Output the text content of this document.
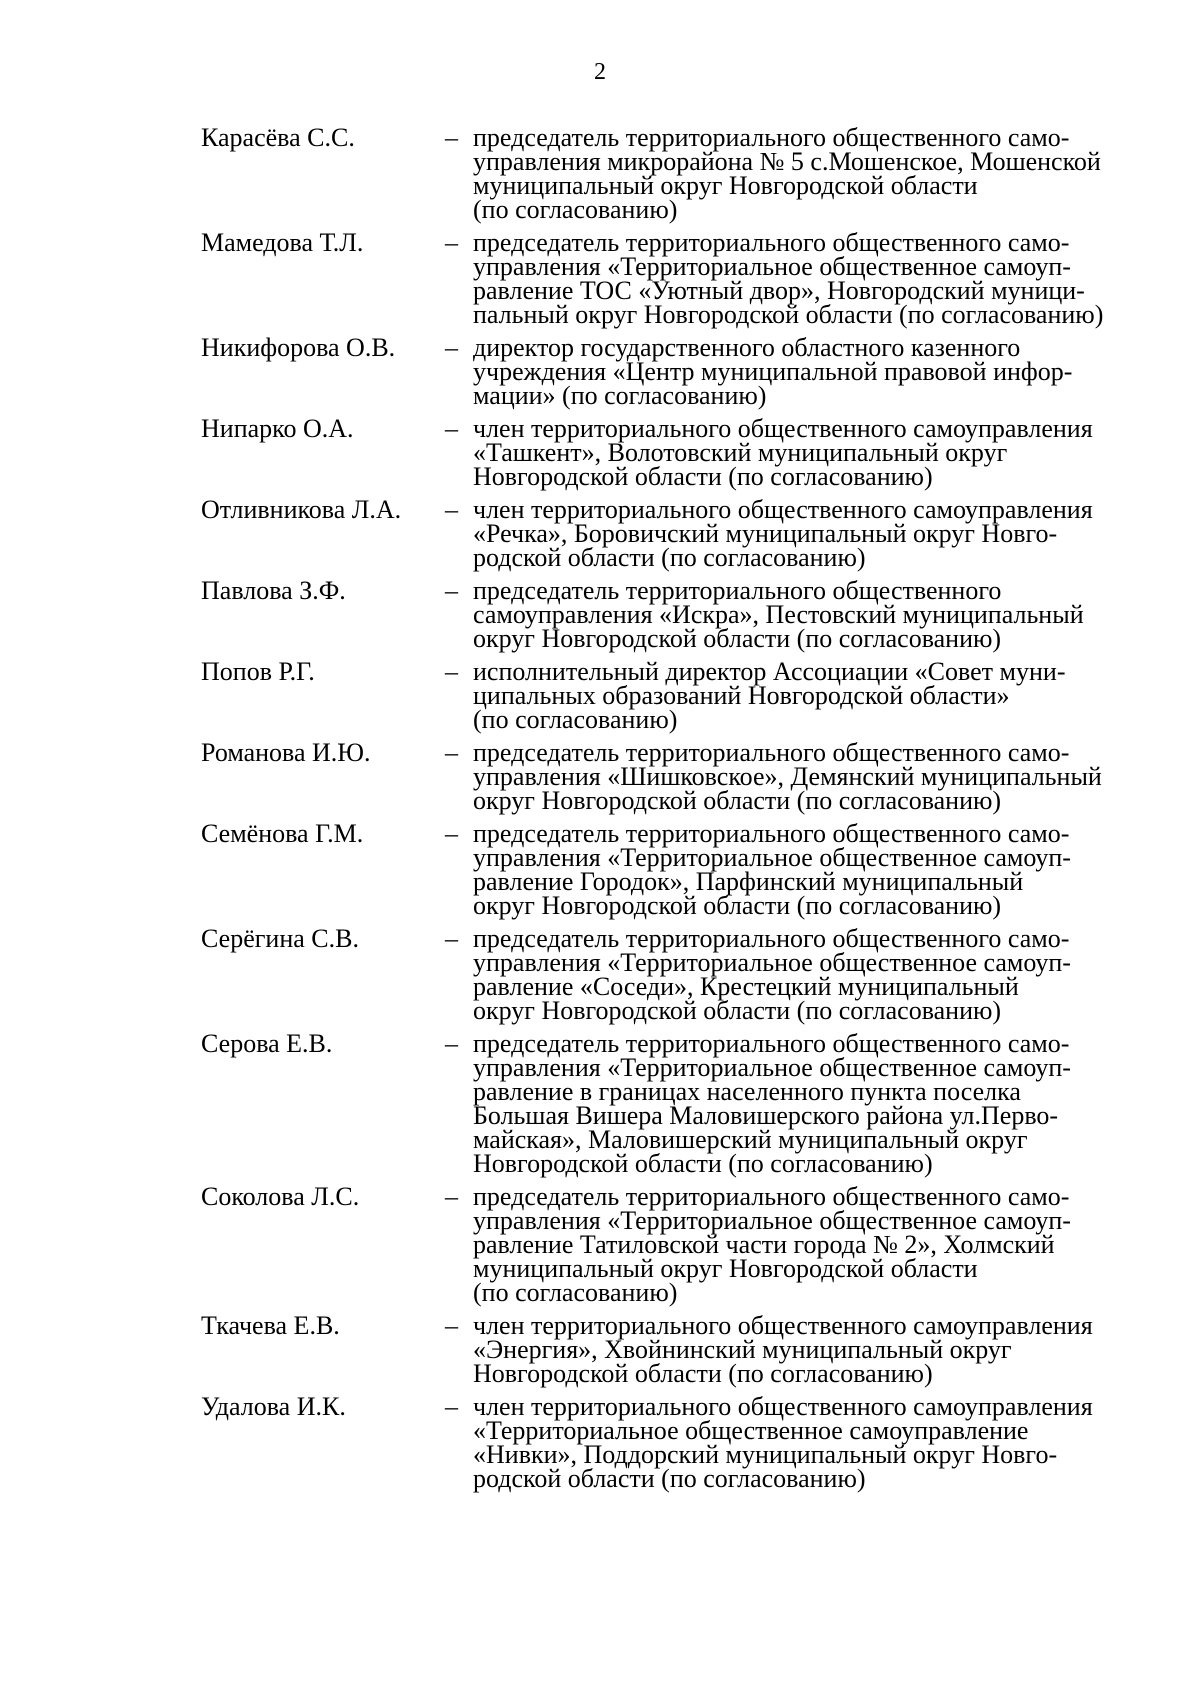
2
Карасёва С.С.	– председатель территориального общественного само-
управления микрорайона № 5 с.Мошенское, Мошенской
муниципальный округ Новгородской области
(по согласованию)
Мамедова Т.Л.	– председатель территориального общественного само-
управления «Территориальное общественное самоуп-
равление ТОС «Уютный двор», Новгородский муници-
пальный округ Новгородской области (по согласованию)
Никифорова О.В.	– директор государственного областного казенного
учреждения «Центр муниципальной правовой инфор-
мации» (по согласованию)
Нипарко О.А.	– член территориального общественного самоуправления
«Ташкент», Волотовский муниципальный округ
Новгородской области (по согласованию)
Отливникова Л.А.	– член территориального общественного самоуправления
«Речка», Боровичский муниципальный округ Новго-
родской области (по согласованию)
Павлова З.Ф.	– председатель территориального общественного
самоуправления «Искра», Пестовский муниципальный
округ Новгородской области (по согласованию)
Попов Р.Г.	– исполнительный директор Ассоциации «Совет муни-
ципальных образований Новгородской области»
(по согласованию)
Романова И.Ю.	– председатель территориального общественного само-
управления «Шишковское», Демянский муниципальный
округ Новгородской области (по согласованию)
Семёнова Г.М.	– председатель территориального общественного само-
управления «Территориальное общественное самоуп-
равление Городок», Парфинский муниципальный
округ Новгородской области (по согласованию)
Серёгина С.В.	– председатель территориального общественного само-
управления «Территориальное общественное самоуп-
равление «Соседи», Крестецкий муниципальный
округ Новгородской области (по согласованию)
Серова Е.В.	– председатель территориального общественного само-
управления «Территориальное общественное самоуп-
равление в границах населенного пункта поселка
Большая Вишера Маловишерского района ул.Перво-
майская», Маловишерский муниципальный округ
Новгородской области (по согласованию)
Соколова Л.С.	– председатель территориального общественного само-
управления «Территориальное общественное самоуп-
равление Татиловской части города № 2», Холмский
муниципальный округ Новгородской области
(по согласованию)
Ткачева Е.В.	– член территориального общественного самоуправления
«Энергия», Хвойнинский муниципальный округ
Новгородской области (по согласованию)
Удалова И.К.	– член территориального общественного самоуправления
«Территориальное общественное самоуправление
«Нивки», Поддорский муниципальный округ Новго-
родской области (по согласованию)
